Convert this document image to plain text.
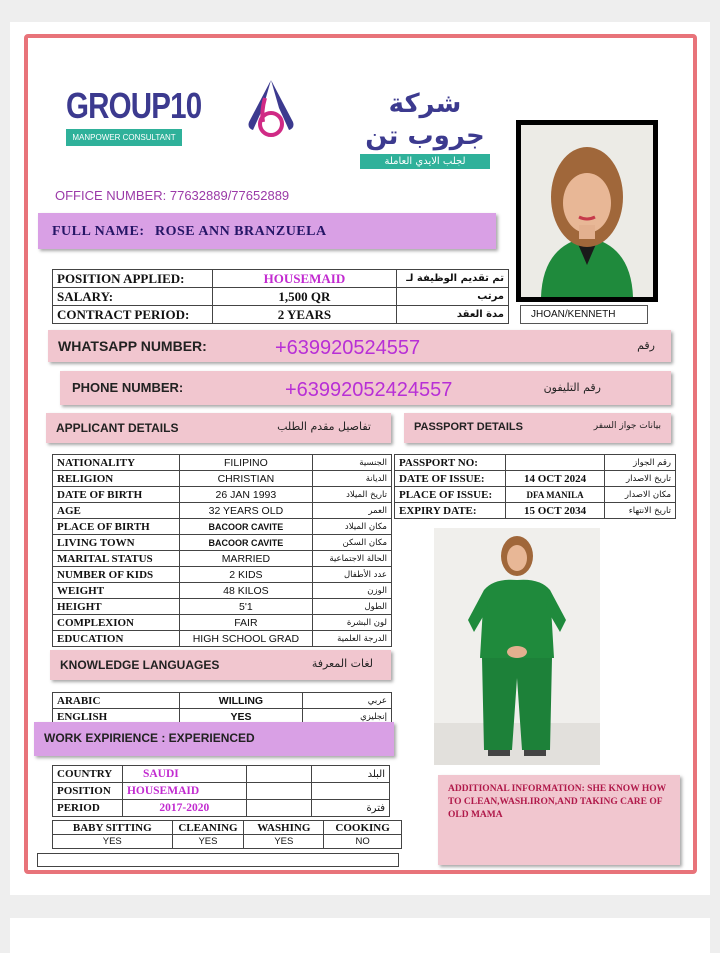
GROUP10
MANPOWER CONSULTANT
شركة جروب تن
لجلب الايدي العاملة
OFFICE NUMBER: 77632889/77652889
JHOAN/KENNETH
FULL NAME: ROSE ANN BRANZUELA
POSITION APPLIED:	HOUSEMAID	تم تقديم الوظيفة لـ
SALARY:	1,500 QR	مرتب
CONTRACT PERIOD:	2 YEARS	مدة العقد
WHATSAPP NUMBER:	+639920524557	رقم
PHONE NUMBER:	+63992052424557	رقم التليفون
APPLICANT DETAILS	تفاصيل مقدم الطلب	PASSPORT DETAILS	بيانات جواز السفر
NATIONALITY	FILIPINO	الجنسية
RELIGION	CHRISTIAN	الديانة
DATE OF BIRTH	26 JAN 1993	تاريخ الميلاد
AGE	32 YEARS OLD	العمر
PLACE OF BIRTH	BACOOR CAVITE	مكان الميلاد
LIVING TOWN	BACOOR CAVITE	مكان السكن
MARITAL STATUS	MARRIED	الحالة الاجتماعية
NUMBER OF KIDS	2 KIDS	عدد الأطفال
WEIGHT	48 KILOS	الوزن
HEIGHT	5'1	الطول
COMPLEXION	FAIR	لون البشرة
EDUCATION	HIGH SCHOOL GRAD	الدرجة العلمية
PASSPORT NO:		رقم الجواز
DATE OF ISSUE:	14 OCT 2024	تاريخ الاصدار
PLACE OF ISSUE:	DFA MANILA	مكان الاصدار
EXPIRY DATE:	15 OCT 2034	تاريخ الانتهاء
KNOWLEDGE LANGUAGES	لغات المعرفة
ARABIC	WILLING	عربي
ENGLISH	YES	إنجليزي
WORK EXPIRIENCE : EXPERIENCED
COUNTRY	SAUDI		البلد
POSITION	HOUSEMAID		
PERIOD	2017-2020		فترة
BABY SITTING	CLEANING	WASHING	COOKING
YES	YES	YES	NO
ADDITIONAL INFORMATION: SHE KNOW HOW TO CLEAN,WASH.IRON,AND TAKING CARE OF OLD MAMA
